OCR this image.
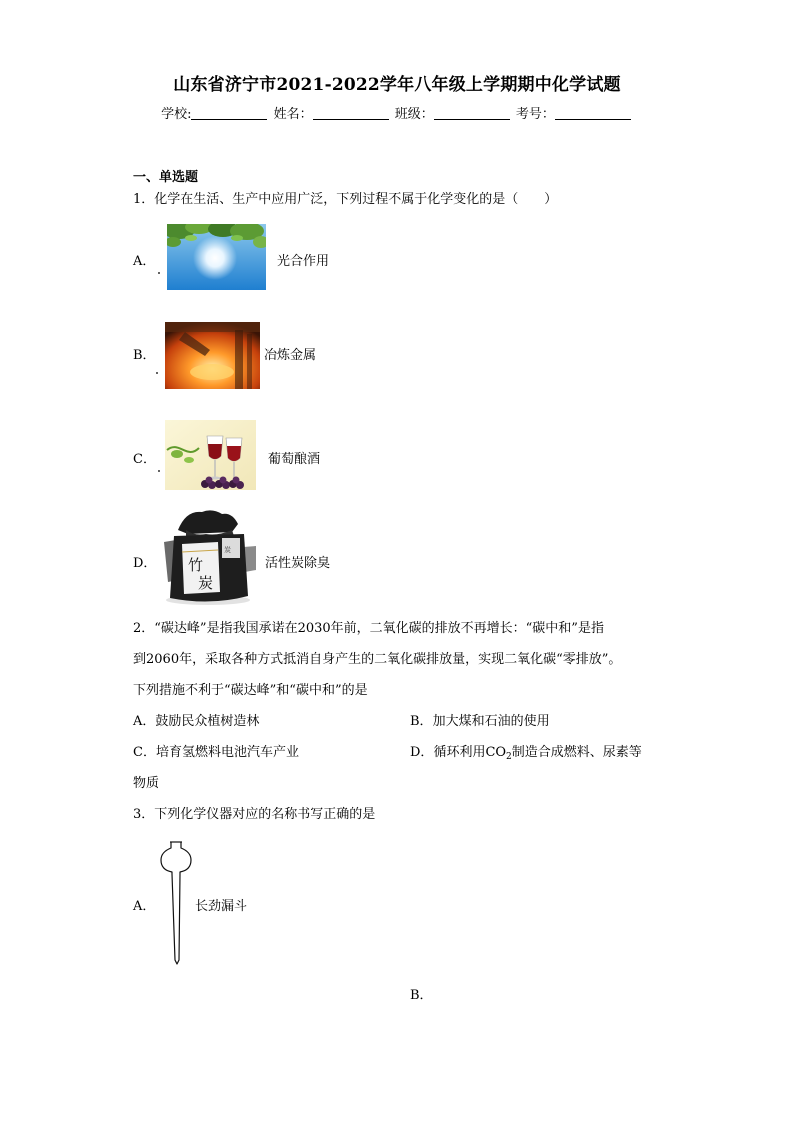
山东省济宁市2021-2022学年八年级上学期期中化学试题
学校:	姓名：	班级：	考号：
一、单选题
1．化学在生活、生产中应用广泛，下列过程不属于化学变化的是（　　）
A．	光合作用
B．	冶炼金属
C．	葡萄酿酒
D． 竹
炭
炭
活性炭除臭
2．“碳达峰”是指我国承诺在2030年前，二氧化碳的排放不再增长：“碳中和”是指
到2060年，采取各种方式抵消自身产生的二氧化碳排放量，实现二氧化碳“零排放”。
下列措施不利于“碳达峰”和“碳中和”的是
A．鼓励民众植树造林	B．加大煤和石油的使用
C．培育氢燃料电池汽车产业	D．循环利用$CO_2$制造合成燃料、尿素等
物质
3．下列化学仪器对应的名称书写正确的是
A．	长劲漏斗
B．
